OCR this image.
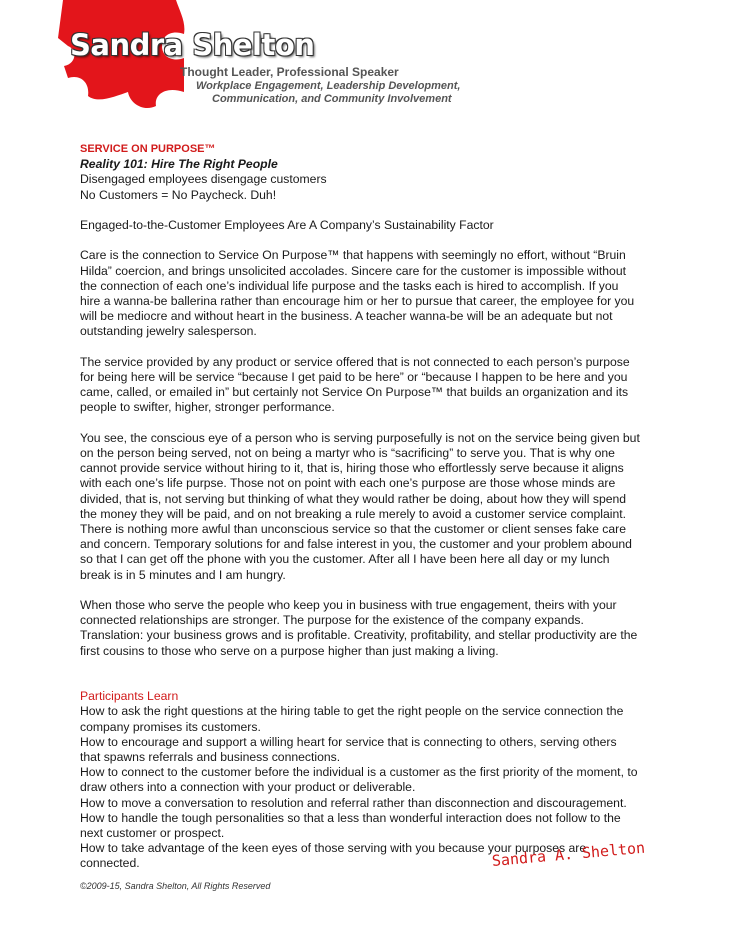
Sandra Shelton
Thought Leader, Professional Speaker
Workplace Engagement, Leadership Development,
Communication, and Community Involvement

SERVICE ON PURPOSE™

Reality 101: Hire The Right People

Disengaged employees disengage customers

No Customers = No Paycheck. Duh!

Engaged-to-the-Customer Employees Are A Company’s Sustainability Factor

Care is the connection to Service On Purpose™ that happens with seemingly no effort, without “Bruin Hilda” coercion, and brings unsolicited accolades. Sincere care for the customer is impossible without the connection of each one’s individual life purpose and the tasks each is hired to accomplish. If you hire a wanna-be ballerina rather than encourage him or her to pursue that career, the employee for you will be mediocre and without heart in the business. A teacher wanna-be will be an adequate but not outstanding jewelry salesperson.

The service provided by any product or service offered that is not connected to each person’s purpose for being here will be service “because I get paid to be here” or “because I happen to be here and you came, called, or emailed in” but certainly not Service On Purpose™ that builds an organization and its people to swifter, higher, stronger performance.

You see, the conscious eye of a person who is serving purposefully is not on the service being given but on the person being served, not on being a martyr who is “sacrificing” to serve you. That is why one cannot provide service without hiring to it, that is, hiring those who effortlessly serve because it aligns with each one’s life purpse. Those not on point with each one’s purpose are those whose minds are divided, that is, not serving but thinking of what they would rather be doing, about how they will spend the money they will be paid, and on not breaking a rule merely to avoid a customer service complaint. There is nothing more awful than unconscious service so that the customer or client senses fake care and concern. Temporary solutions for and false interest in you, the customer and your problem abound so that I can get off the phone with you the customer. After all I have been here all day or my lunch break is in 5 minutes and I am hungry.

When those who serve the people who keep you in business with true engagement, theirs with your connected relationships are stronger. The purpose for the existence of the company expands. Translation: your business grows and is profitable. Creativity, profitability, and stellar productivity are the first cousins to those who serve on a purpose higher than just making a living.

Participants Learn

How to ask the right questions at the hiring table to get the right people on the service connection the company promises its customers.

How to encourage and support a willing heart for service that is connecting to others, serving others that spawns referrals and business connections.

How to connect to the customer before the individual is a customer as the first priority of the moment, to draw others into a connection with your product or deliverable.

How to move a conversation to resolution and referral rather than disconnection and discouragement.

How to handle the tough personalities so that a less than wonderful interaction does not follow to the next customer or prospect.

How to take advantage of the keen eyes of those serving with you because your purposes are connected.	Sandra A. Shelton
©2009-15, Sandra Shelton, All Rights Reserved
